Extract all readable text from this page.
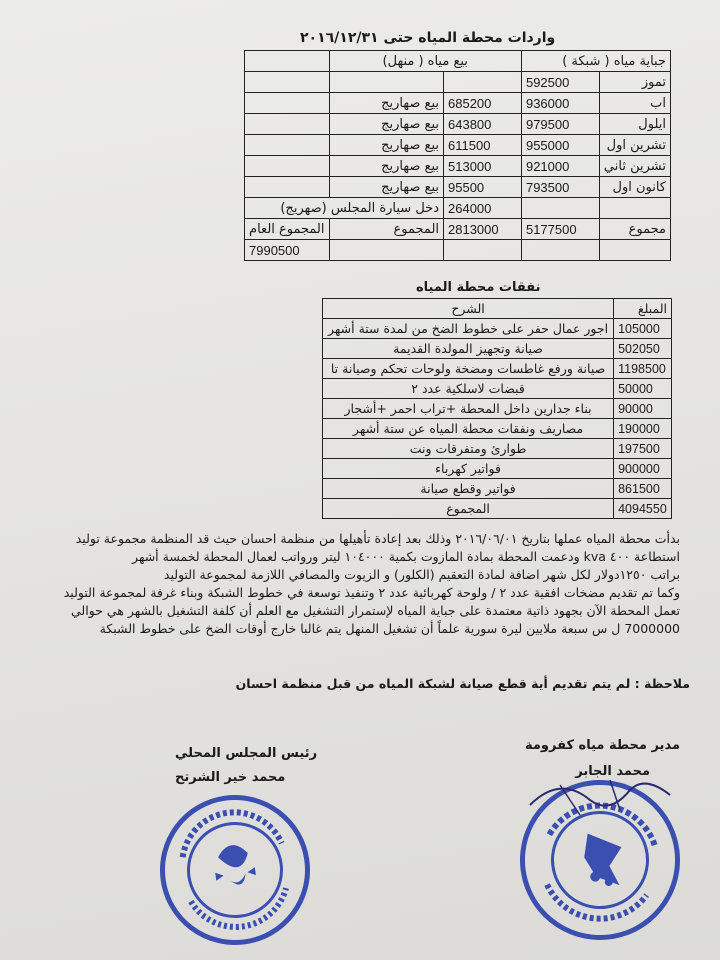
واردات محطة المياه حتى ٢٠١٦/١٢/٣١
جباية مياه ( شبكة )		بيع مياه ( منهل)		
تموز	592500			
اب	936000	685200	بيع صهاريج	
ايلول	979500	643800	بيع صهاريج	
تشرين اول	955000	611500	بيع صهاريج	
تشرين ثاني	921000	513000	بيع صهاريج	
كانون اول	793500	95500	بيع صهاريج	
		264000	دخل سيارة المجلس (صهريج)	
مجموع	5177500	2813000	المجموع	المجموع العام
				7990500
نفقات محطة المياه
المبلغ	الشرح
105000	اجور عمال حفر على خطوط الضخ من لمدة ستة أشهر
502050	صيانة وتجهيز المولدة القديمة
1198500	صيانة ورفع غاطسات ومضخة ولوحات تحكم وصيانة تا
50000	قبضات لاسلكية عدد ٢
90000	بناء جدارين داخل المحطة +تراب احمر +أشجار
190000	مصاريف ونفقات محطة المياه عن ستة أشهر
197500	طوارئ ومتفرقات ونت
900000	فواتير كهرباء
861500	فواتير وقطع صيانة
4094550	المجموع
بدأت محطة المياه عملها بتاريخ ٢٠١٦/٠٦/٠١ وذلك بعد إعادة تأهيلها من منظمة احسان حيث قد المنظمة مجموعة توليد
استطاعة ٤٠٠ kva ودعمت المحطة بمادة المازوت بكمية ١٠٤٠٠٠ ليتر ورواتب لعمال المحطة لخمسة أشهر
براتب ١٢٥٠دولار لكل شهر اضافة لمادة التعقيم (الكلور) و الزيوت والمصافي اللازمة لمجموعة التوليد
وكما تم تقديم مضخات افقية عدد ٢ / ولوحة كهربائية عدد ٢ وتنفيذ توسعة في خطوط الشبكة وبناء غرفة لمجموعة التوليد
تعمل المحطة الآن بجهود ذاتية معتمدة على جباية المياه لإستمرار التشغيل مع العلم أن كلفة التشغيل بالشهر هي حوالي
7000000 ل س سبعة ملايين ليرة سورية علماً أن تشغيل المنهل يتم غالبا خارج أوقات الضخ على خطوط الشبكة
ملاحظة : لم يتم تقديم أية قطع صيانة لشبكة المياه من قبل منظمة احسان
رئيس المجلس المحلي
محمد خير الشرتح
مدير محطة مياه كفرومة
محمد الجابر
